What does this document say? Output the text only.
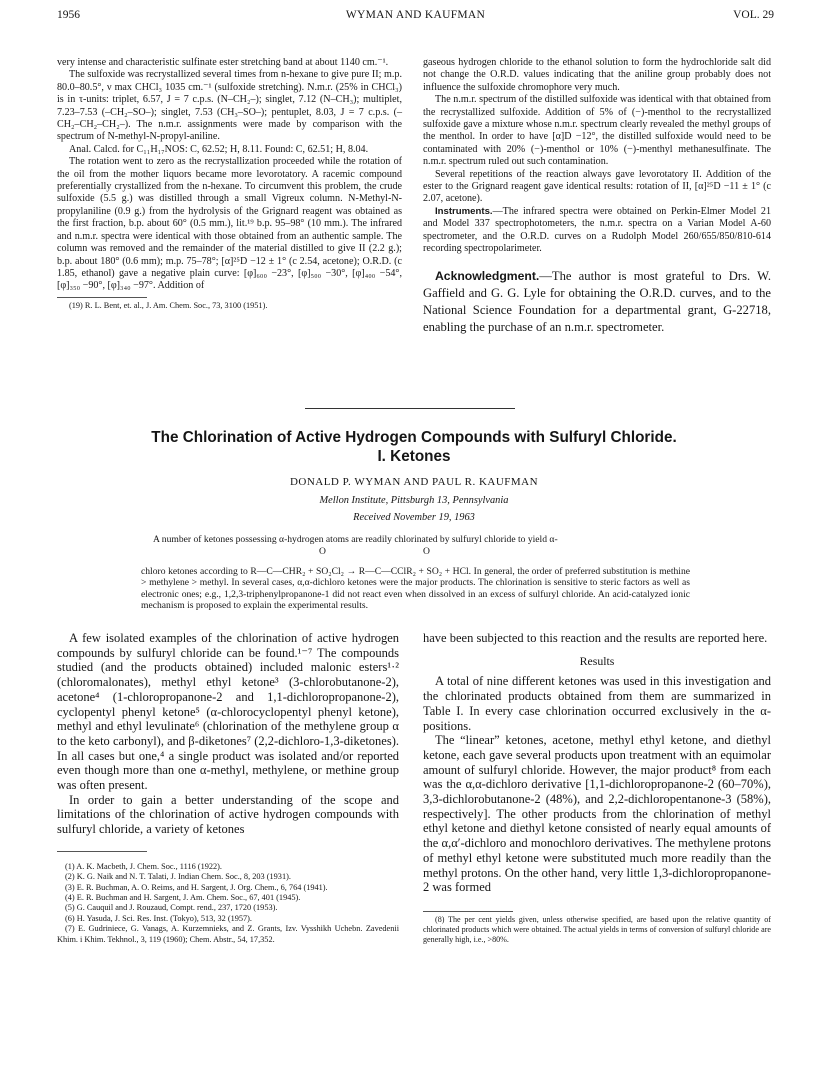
1956	WYMAN AND KAUFMAN	VOL. 29

very intense and characteristic sulfinate ester stretching band at about 1140 cm.⁻¹.

The sulfoxide was recrystallized several times from n-hexane to give pure II; m.p. 80.0–80.5°, ν max CHCl₃ 1035 cm.⁻¹ (sulfoxide stretching). N.m.r. (25% in CHCl₃) is in τ-units: triplet, 6.57, J = 7 c.p.s. (N–CH₂–); singlet, 7.12 (N–CH₃); multiplet, 7.23–7.53 (–CH₂–SO–); singlet, 7.53 (CH₃–SO–); pentuplet, 8.03, J = 7 c.p.s. (–CH₂–CH₂–CH₂–). The n.m.r. assignments were made by comparison with the spectrum of N-methyl-N-propyl-aniline.

Anal. Calcd. for C₁₁H₁₇NOS: C, 62.52; H, 8.11. Found: C, 62.51; H, 8.04.

The rotation went to zero as the recrystallization proceeded while the rotation of the oil from the mother liquors became more levorotatory. A racemic compound preferentially crystallized from the n-hexane. To circumvent this problem, the crude sulfoxide (5.5 g.) was distilled through a small Vigreux column. N-Methyl-N-propylaniline (0.9 g.) from the hydrolysis of the Grignard reagent was obtained as the first fraction, b.p. about 60° (0.5 mm.), lit.¹⁹ b.p. 95–98° (10 mm.). The infrared and n.m.r. spectra were identical with those obtained from an authentic sample. The column was removed and the remainder of the material distilled to give II (2.2 g.); b.p. about 180° (0.6 mm); m.p. 75–78°; [α]²⁵D −12 ± 1° (c 2.54, acetone); O.R.D. (c 1.85, ethanol) gave a negative plain curve: [φ]₆₀₀ −23°, [φ]₅₀₀ −30°, [φ]₄₀₀ −54°, [φ]₃₅₀ −90°, [φ]₃₄₀ −97°. Addition of

(19) R. L. Bent, et. al., J. Am. Chem. Soc., 73, 3100 (1951).

gaseous hydrogen chloride to the ethanol solution to form the hydrochloride salt did not change the O.R.D. values indicating that the aniline group probably does not influence the sulfoxide chromophore very much.

The n.m.r. spectrum of the distilled sulfoxide was identical with that obtained from the recrystallized sulfoxide. Addition of 5% of (−)-menthol to the recrystallized sulfoxide gave a mixture whose n.m.r. spectrum clearly revealed the methyl groups of the menthol. In order to have [α]D −12°, the distilled sulfoxide would need to be contaminated with 20% (−)-menthol or 10% (−)-menthyl methanesulfinate. The n.m.r. spectrum ruled out such contamination.

Several repetitions of the reaction always gave levorotatory II. Addition of the ester to the Grignard reagent gave identical results: rotation of II, [α]²⁵D −11 ± 1° (c 2.07, acetone).

Instruments.—The infrared spectra were obtained on Perkin-Elmer Model 21 and Model 337 spectrophotometers, the n.m.r. spectra on a Varian Model A-60 spectrometer, and the O.R.D. curves on a Rudolph Model 260/655/850/810-614 recording spectropolarimeter.

Acknowledgment.—The author is most grateful to Drs. W. Gaffield and G. G. Lyle for obtaining the O.R.D. curves, and to the National Science Foundation for a departmental grant, G-22718, enabling the purchase of an n.m.r. spectrometer.

The Chlorination of Active Hydrogen Compounds with Sulfuryl Chloride.
I. Ketones
DONALD P. WYMAN AND PAUL R. KAUFMAN
Mellon Institute, Pittsburgh 13, Pennsylvania
Received November 19, 1963
A number of ketones possessing α-hydrogen atoms are readily chlorinated by sulfuryl chloride to yield α-
O	O
chloro ketones according to R—C—CHR₂ + SO₂Cl₂ → R—C—CClR₂ + SO₂ + HCl. In general, the order of preferred substitution is methine > methylene > methyl. In several cases, α,α-dichloro ketones were the major products. The chlorination is sensitive to steric factors as well as electronic ones; e.g., 1,2,3-triphenylpropanone-1 did not react even when dissolved in an excess of sulfuryl chloride. An acid-catalyzed ionic mechanism is proposed to explain the experimental results.

A few isolated examples of the chlorination of active hydrogen compounds by sulfuryl chloride can be found.¹⁻⁷ The compounds studied (and the products obtained) included malonic esters¹·² (chloromalonates), methyl ethyl ketone³ (3-chlorobutanone-2), acetone⁴ (1-chloropropanone-2 and 1,1-dichloropropanone-2), cyclopentyl phenyl ketone⁵ (α-chlorocyclopentyl phenyl ketone), methyl and ethyl levulinate⁶ (chlorination of the methylene group α to the keto carbonyl), and β-diketones⁷ (2,2-dichloro-1,3-diketones). In all cases but one,⁴ a single product was isolated and/or reported even though more than one α-methyl, methylene, or methine group was often present.

In order to gain a better understanding of the scope and limitations of the chlorination of active hydrogen compounds with sulfuryl chloride, a variety of ketones

(1) A. K. Macbeth, J. Chem. Soc., 1116 (1922).
(2) K. G. Naik and N. T. Talati, J. Indian Chem. Soc., 8, 203 (1931).
(3) E. R. Buchman, A. O. Reims, and H. Sargent, J. Org. Chem., 6, 764 (1941).
(4) E. R. Buchman and H. Sargent, J. Am. Chem. Soc., 67, 401 (1945).
(5) G. Cauquil and J. Rouzaud, Compt. rend., 237, 1720 (1953).
(6) H. Yasuda, J. Sci. Res. Inst. (Tokyo), 513, 32 (1957).
(7) E. Gudriniece, G. Vanags, A. Kurzemnieks, and Z. Grants, Izv. Vysshikh Uchebn. Zavedenii Khim. i Khim. Tekhnol., 3, 119 (1960); Chem. Abstr., 54, 17,352.

have been subjected to this reaction and the results are reported here.

Results

A total of nine different ketones was used in this investigation and the chlorinated products obtained from them are summarized in Table I. In every case chlorination occurred exclusively in the α-positions.

The “linear” ketones, acetone, methyl ethyl ketone, and diethyl ketone, each gave several products upon treatment with an equimolar amount of sulfuryl chloride. However, the major product⁸ from each was the α,α-dichloro derivative [1,1-dichloropropanone-2 (60–70%), 3,3-dichlorobutanone-2 (48%), and 2,2-dichloropentanone-3 (58%), respectively]. The other products from the chlorination of methyl ethyl ketone and diethyl ketone consisted of nearly equal amounts of the α,α′-dichloro and monochloro derivatives. The methylene protons of methyl ethyl ketone were substituted much more readily than the methyl protons. On the other hand, very little 1,3-dichloropropanone-2 was formed

(8) The per cent yields given, unless otherwise specified, are based upon the relative quantity of chlorinated products which were obtained. The actual yields in terms of conversion of sulfuryl chloride are generally high, i.e., >80%.
